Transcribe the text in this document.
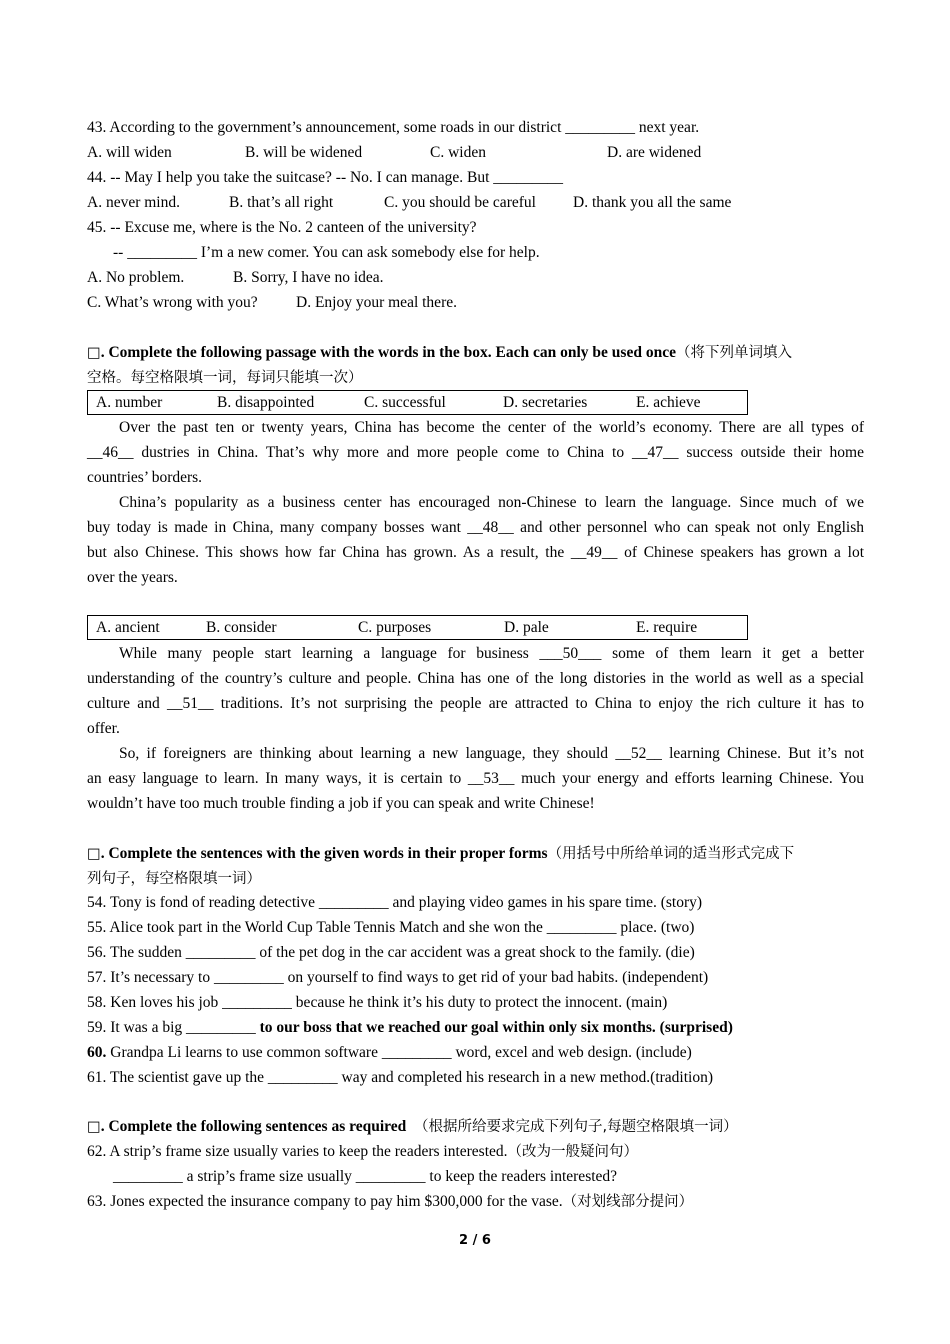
43. According to the government’s announcement, some roads in our district _________ next year.
A. will widen	B. will be widened	C. widen	D. are widened
44. -- May I help you take the suitcase? -- No. I can manage. But _________
A. never mind.	B. that’s all right	C. you should be careful D. thank you all the same
45. -- Excuse me, where is the No. 2 canteen of the university?
-- _________ I’m a new comer. You can ask somebody else for help.
A. No problem.	B. Sorry, I have no idea.
C. What’s wrong with you? D. Enjoy your meal there.
□. Complete the following passage with the words in the box. Each can only be used once（将下列单词填入
空格。每空格限填一词，每词只能填一次）
A. number	B. disappointed	C. successful	D. secretaries	E. achieve
Over the past ten or twenty years, China has become the center of the world’s economy. There are all types of
__46__ dustries in China. That’s why more and more people come to China to __47__ success outside their home
countries’ borders.
China’s popularity as a business center has encouraged non-Chinese to learn the language. Since much of we
buy today is made in China, many company bosses want __48__ and other personnel who can speak not only English
but also Chinese. This shows how far China has grown. As a result, the __49__ of Chinese speakers has grown a lot
over the years.
A. ancient	B. consider	C. purposes	D. pale	E. require
While many people start learning a language for business ___50___ some of them learn it get a better
understanding of the country’s culture and people. China has one of the long distories in the world as well as a special
culture and __51__ traditions. It’s not surprising the people are attracted to China to enjoy the rich culture it has to
offer.
So, if foreigners are thinking about learning a new language, they should __52__ learning Chinese. But it’s not
an easy language to learn. In many ways, it is certain to __53__ much your energy and efforts learning Chinese. You
wouldn’t have too much trouble finding a job if you can speak and write Chinese!
□. Complete the sentences with the given words in their proper forms（用括号中所给单词的适当形式完成下
列句子，每空格限填一词）
54. Tony is fond of reading detective _________ and playing video games in his spare time. (story)
55. Alice took part in the World Cup Table Tennis Match and she won the _________ place. (two)
56. The sudden _________ of the pet dog in the car accident was a great shock to the family. (die)
57. It’s necessary to _________ on yourself to find ways to get rid of your bad habits. (independent)
58. Ken loves his job _________ because he think it’s his duty to protect the innocent. (main)
59. It was a big _________ to our boss that we reached our goal within only six months. (surprised)
60. Grandpa Li learns to use common software _________ word, excel and web design. (include)
61. The scientist gave up the _________ way and completed his research in a new method.(tradition)
□. Complete the following sentences as required （根据所给要求完成下列句子,每题空格限填一词）
62. A strip’s frame size usually varies to keep the readers interested.（改为一般疑问句）
_________ a strip’s frame size usually _________ to keep the readers interested?
63. Jones expected the insurance company to pay him $300,000 for the vase.（对划线部分提问）
2 / 6
